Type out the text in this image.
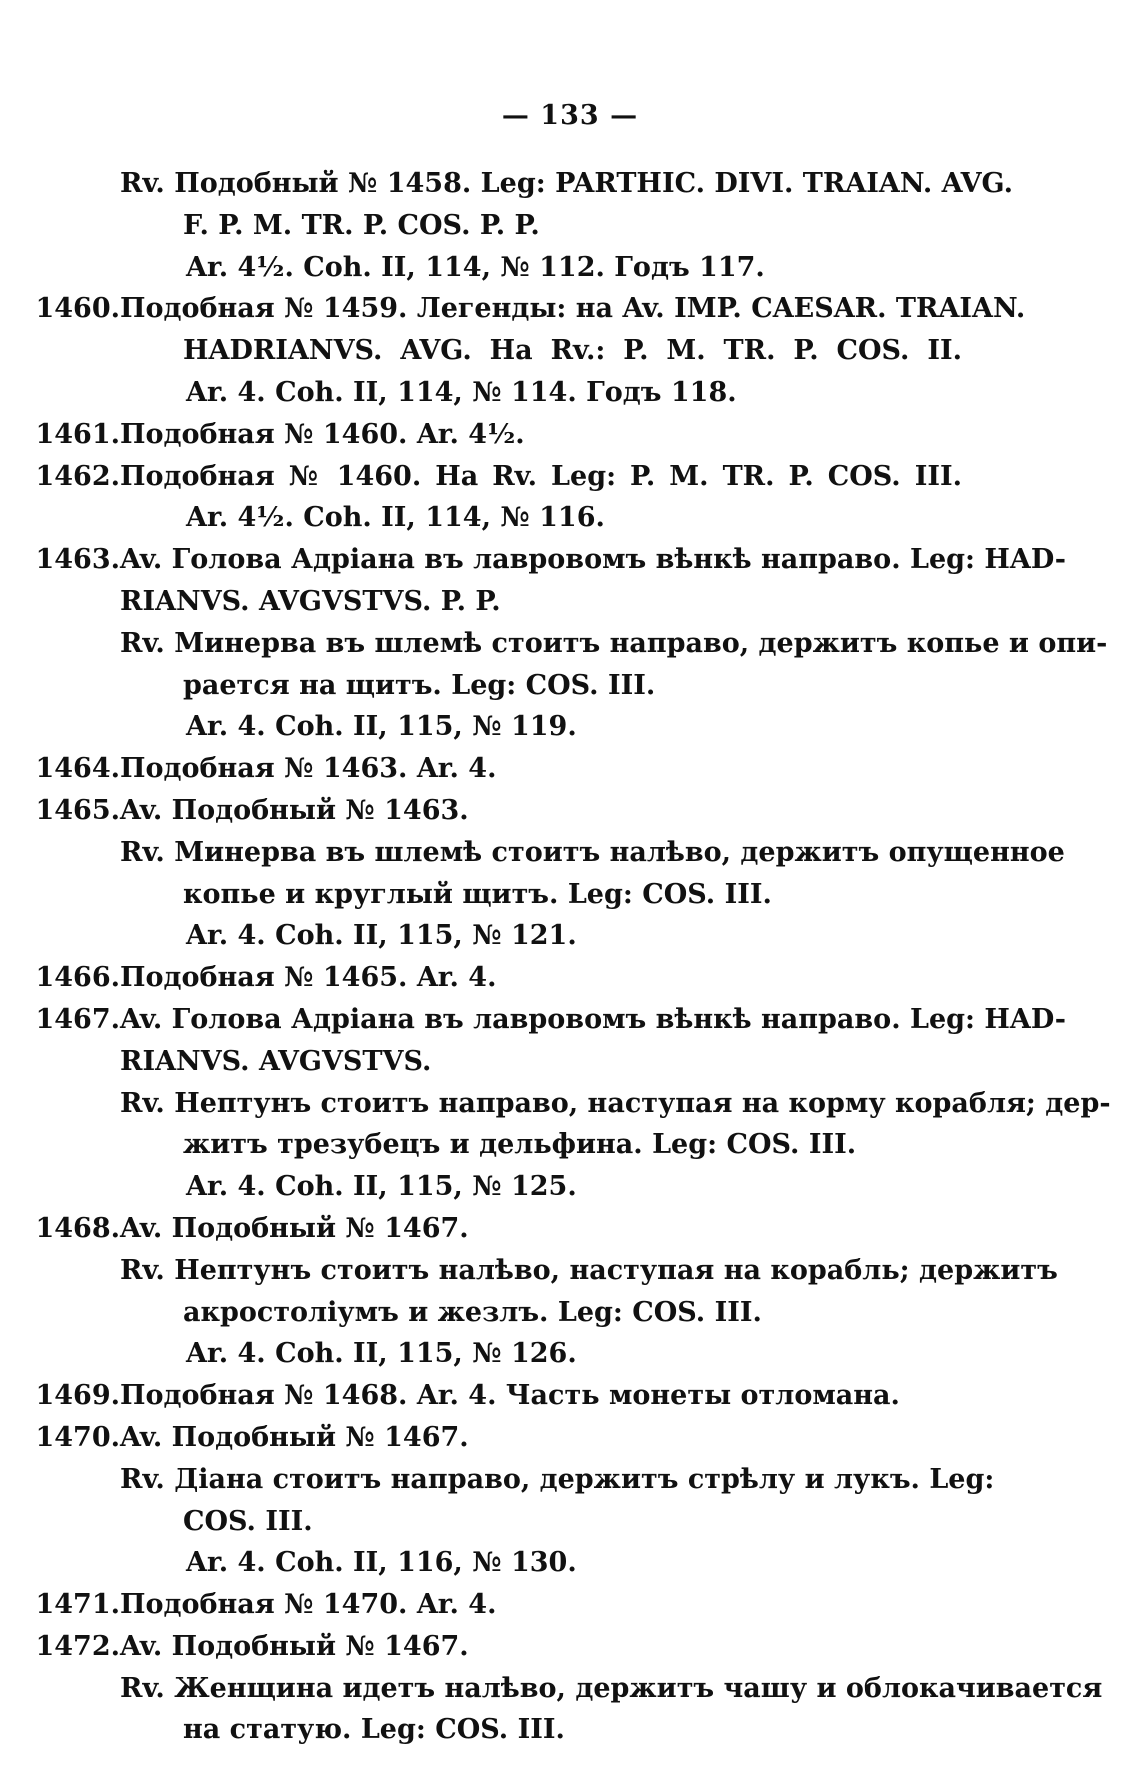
— 133 —
Rv. Подобный № 1458. Leg: PARTHIC. DIVI. TRAIAN. AVG.
F. P. M. TR. P. COS. P. P.
Ar. 4½. Coh. II, 114, № 112. Годъ 117.
1460. Подобная № 1459. Легенды: на Av. IMP. CAESAR. TRAIAN.
HADRIANVS. AVG. На Rv.: P. M. TR. P. COS. II.
Ar. 4. Coh. II, 114, № 114. Годъ 118.
1461. Подобная № 1460. Ar. 4½.
1462. Подобная № 1460. На Rv. Leg: P. M. TR. P. COS. III.
Ar. 4½. Coh. II, 114, № 116.
1463. Av. Голова Адріана въ лавровомъ вѣнкѣ направо. Leg: HAD-
RIANVS. AVGVSTVS. P. P.
Rv. Минерва въ шлемѣ стоитъ направо, держитъ копье и опи-
рается на щитъ. Leg: COS. III.
Ar. 4. Coh. II, 115, № 119.
1464. Подобная № 1463. Ar. 4.
1465. Av. Подобный № 1463.
Rv. Минерва въ шлемѣ стоитъ налѣво, держитъ опущенное
копье и круглый щитъ. Leg: COS. III.
Ar. 4. Coh. II, 115, № 121.
1466. Подобная № 1465. Ar. 4.
1467. Av. Голова Адріана въ лавровомъ вѣнкѣ направо. Leg: HAD-
RIANVS. AVGVSTVS.
Rv. Нептунъ стоитъ направо, наступая на корму корабля; дер-
житъ трезубецъ и дельфина. Leg: COS. III.
Ar. 4. Coh. II, 115, № 125.
1468. Av. Подобный № 1467.
Rv. Нептунъ стоитъ налѣво, наступая на корабль; держитъ
акростоліумъ и жезлъ. Leg: COS. III.
Ar. 4. Coh. II, 115, № 126.
1469. Подобная № 1468. Ar. 4. Часть монеты отломана.
1470. Av. Подобный № 1467.
Rv. Діана стоитъ направо, держитъ стрѣлу и лукъ. Leg:
COS. III.
Ar. 4. Coh. II, 116, № 130.
1471. Подобная № 1470. Ar. 4.
1472. Av. Подобный № 1467.
Rv. Женщина идетъ налѣво, держитъ чашу и облокачивается
на статую. Leg: COS. III.
